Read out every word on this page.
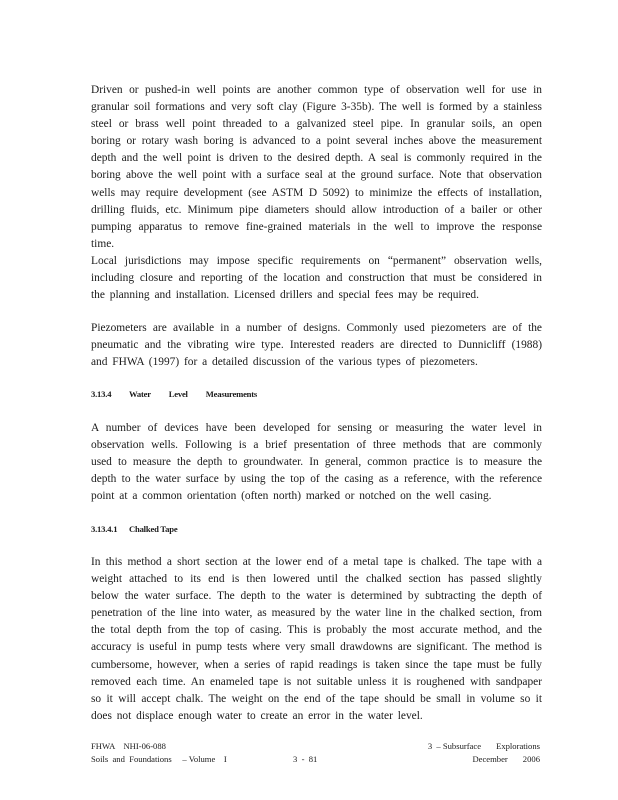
Driven or pushed-in well points are another common type of observation well for use in granular soil formations and very soft clay (Figure 3-35b). The well is formed by a stainless steel or brass well point threaded to a galvanized steel pipe. In granular soils, an open boring or rotary wash boring is advanced to a point several inches above the measurement depth and the well point is driven to the desired depth. A seal is commonly required in the boring above the well point with a surface seal at the ground surface. Note that observation wells may require development (see ASTM D 5092) to minimize the effects of installation, drilling fluids, etc. Minimum pipe diameters should allow introduction of a bailer or other pumping apparatus to remove fine-grained materials in the well to improve the response time.

Local jurisdictions may impose specific requirements on “permanent” observation wells, including closure and reporting of the location and construction that must be considered in the planning and installation. Licensed drillers and special fees may be required.

Piezometers are available in a number of designs. Commonly used piezometers are of the pneumatic and the vibrating wire type. Interested readers are directed to Dunnicliff (1988) and FHWA (1997) for a detailed discussion of the various types of piezometers.

3.13.4 Water Level Measurements

A number of devices have been developed for sensing or measuring the water level in observation wells. Following is a brief presentation of three methods that are commonly used to measure the depth to groundwater. In general, common practice is to measure the depth to the water surface by using the top of the casing as a reference, with the reference point at a common orientation (often north) marked or notched on the well casing.

3.13.4.1 Chalked Tape

In this method a short section at the lower end of a metal tape is chalked. The tape with a weight attached to its end is then lowered until the chalked section has passed slightly below the water surface. The depth to the water is determined by subtracting the depth of penetration of the line into water, as measured by the water line in the chalked section, from the total depth from the top of casing. This is probably the most accurate method, and the accuracy is useful in pump tests where very small drawdowns are significant. The method is cumbersome, however, when a series of rapid readings is taken since the tape must be fully removed each time. An enameled tape is not suitable unless it is roughened with sandpaper so it will accept chalk. The weight on the end of the tape should be small in volume so it does not displace enough water to create an error in the water level.

FHWA    NHI-06-088
Soils  and  Foundations     – Volume    I	3  -  81
3  – Subsurface       Explorations
December       2006
